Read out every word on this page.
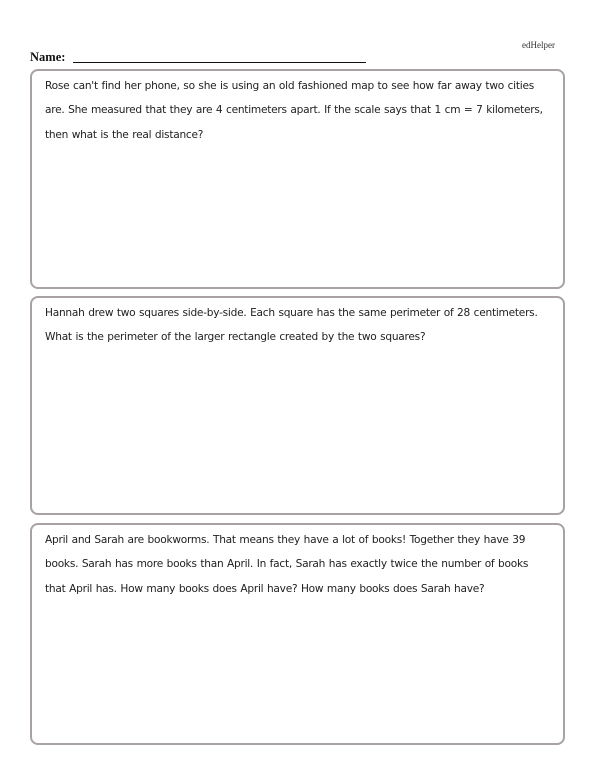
edHelper
Name:

Rose can't find her phone, so she is using an old fashioned map to see how far away two cities are. She measured that they are 4 centimeters apart. If the scale says that 1 cm = 7 kilometers, then what is the real distance?

Hannah drew two squares side-by-side. Each square has the same perimeter of 28 centimeters. What is the perimeter of the larger rectangle created by the two squares?

April and Sarah are bookworms. That means they have a lot of books! Together they have 39 books. Sarah has more books than April. In fact, Sarah has exactly twice the number of books that April has. How many books does April have? How many books does Sarah have?
